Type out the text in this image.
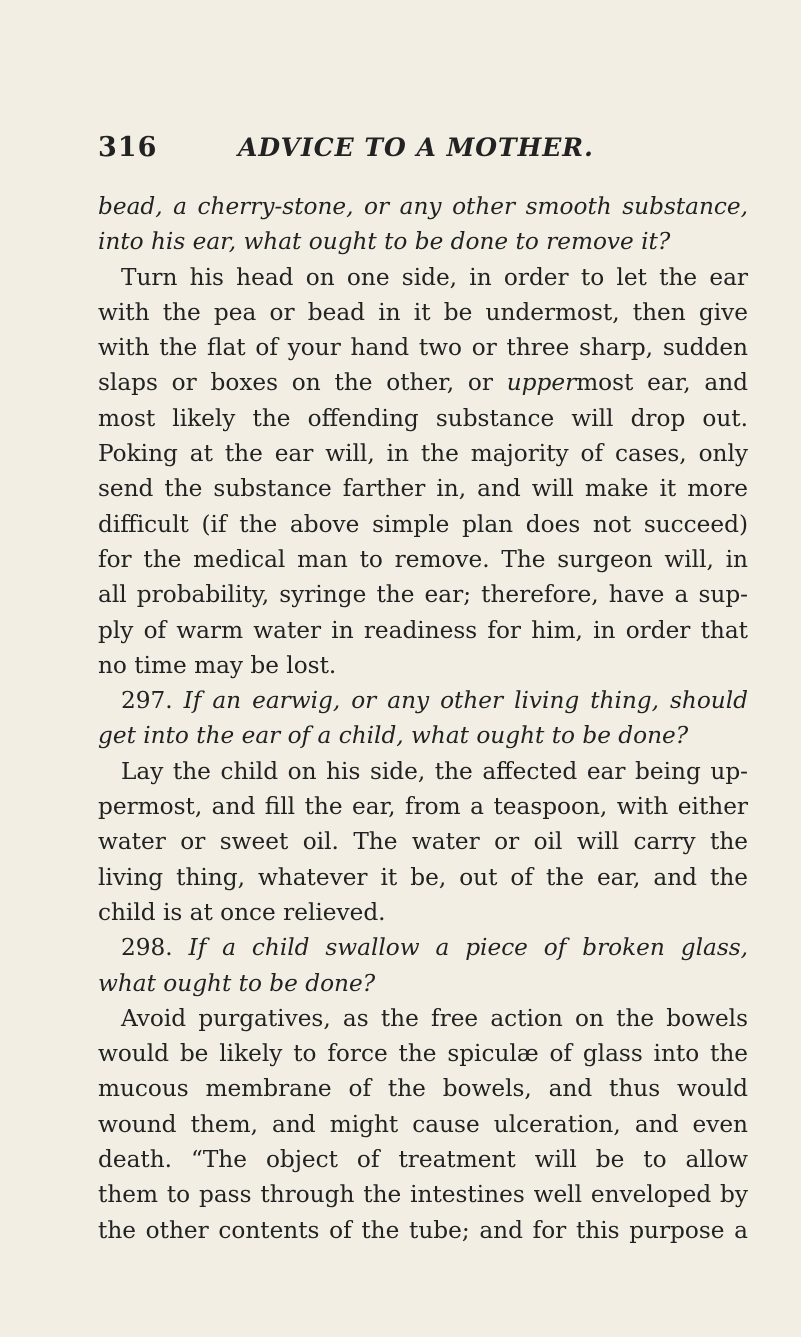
316	ADVICE TO A MOTHER.
bead, a cherry-stone, or any other smooth substance,
into his ear, what ought to be done to remove it?
Turn his head on one side, in order to let the ear
with the pea or bead in it be undermost, then give
with the flat of your hand two or three sharp, sudden
slaps or boxes on the other, or uppermost ear, and
most likely the offending substance will drop out.
Poking at the ear will, in the majority of cases, only
send the substance farther in, and will make it more
difficult (if the above simple plan does not succeed)
for the medical man to remove. The surgeon will, in
all probability, syringe the ear; therefore, have a sup-
ply of warm water in readiness for him, in order that
no time may be lost.
297. If an earwig, or any other living thing, should
get into the ear of a child, what ought to be done?
Lay the child on his side, the affected ear being up-
permost, and fill the ear, from a teaspoon, with either
water or sweet oil. The water or oil will carry the
living thing, whatever it be, out of the ear, and the
child is at once relieved.
298. If a child swallow a piece of broken glass,
what ought to be done?
Avoid purgatives, as the free action on the bowels
would be likely to force the spiculæ of glass into the
mucous membrane of the bowels, and thus would
wound them, and might cause ulceration, and even
death. “The object of treatment will be to allow
them to pass through the intestines well enveloped by
the other contents of the tube; and for this purpose a
